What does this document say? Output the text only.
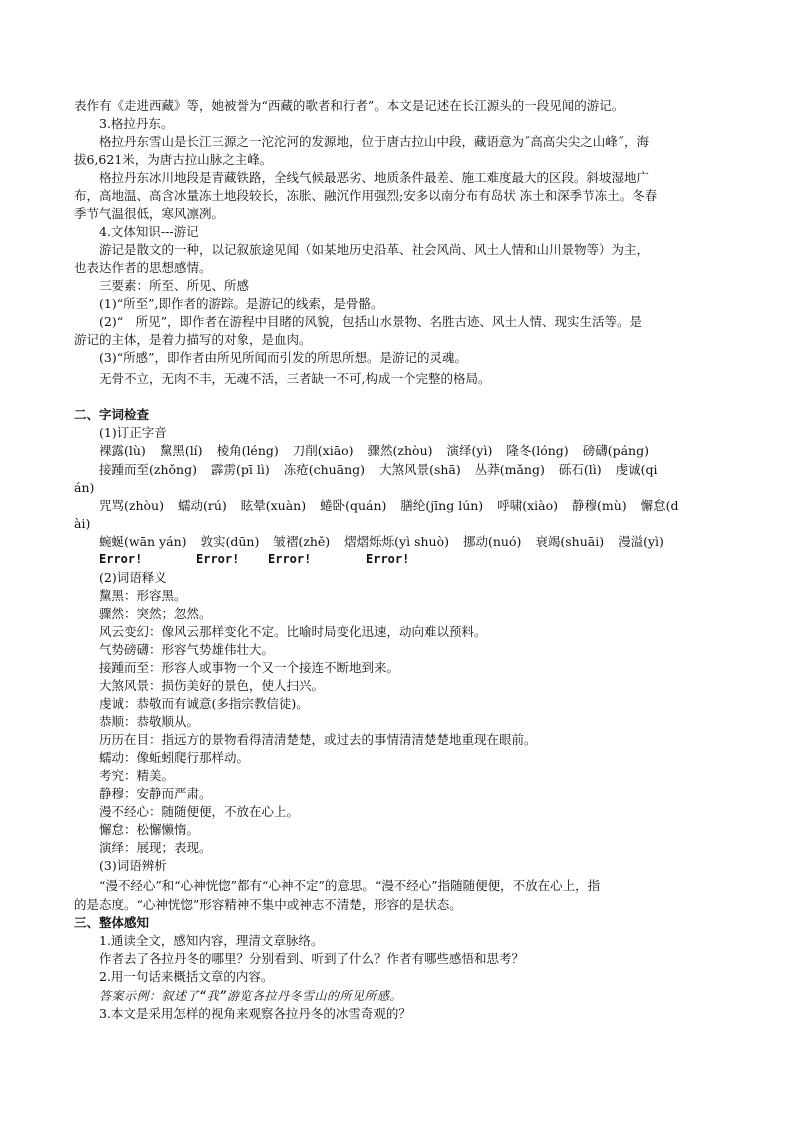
表作有《走进西藏》等，她被誉为“西藏的歌者和行者”。本文是记述在长江源头的一段见闻的游记。
3.格拉丹东。
格拉丹东雪山是长江三源之一沱沱河的发源地，位于唐古拉山中段，藏语意为˝高高尖尖之山峰˝，海
拔6,621米，为唐古拉山脉之主峰。
格拉丹东冰川地段是青藏铁路，全线气候最恶劣、地质条件最差、施工难度最大的区段。斜坡湿地广
布，高地温、高含冰量冻土地段较长，冻胀、融沉作用强烈;安多以南分布有岛状 冻土和深季节冻土。冬春
季节气温很低，寒风凛冽。
4.文体知识---游记
游记是散文的一种，以记叙旅途见闻（如某地历史沿革、社会风尚、风土人情和山川景物等）为主，
也表达作者的思想感情。
三要素：所至、所见、所感
(1)“所至”,即作者的游踪。是游记的线索，是骨骼。
(2)“　所见”，即作者在游程中目睹的风貌，包括山水景物、名胜古迹、风土人情、现实生活等。是
游记的主体，是着力描写的对象，是血肉。
(3)“所感”，即作者由所见所闻而引发的所思所想。是游记的灵魂。
无骨不立，无肉不丰，无魂不活，三者缺一不可,构成一个完整的格局。
二、字词检查
(1)订正字音
裸露(lù) 黧黑(lí) 棱角(léng) 刀削(xiāo) 骤然(zhòu) 演绎(yì) 隆冬(lóng) 磅礴(páng)
接踵而至(zhǒng) 霹雳(pī lì) 冻疮(chuāng) 大煞风景(shā) 丛莽(mǎng) 砾石(lì) 虔诚(qi
án)
咒骂(zhòu) 蠕动(rú) 眩晕(xuàn) 蜷卧(quán) 膳纶(jīng lún) 呼啸(xiào) 静穆(mù) 懈怠(d
ài)
蜿蜒(wān yán) 敦实(dūn) 皱褶(zhě) 熠熠烁烁(yì shuò) 挪动(nuó) 衰竭(shuāi) 漫溢(yì)
Error!	Error! Error!	Error!
(2)词语释义
黧黑：形容黑。
骤然：突然；忽然。
风云变幻：像风云那样变化不定。比喻时局变化迅速，动向难以预料。
气势磅礴：形容气势雄伟壮大。
接踵而至：形容人或事物一个又一个接连不断地到来。
大煞风景：损伤美好的景色，使人扫兴。
虔诚：恭敬而有诚意(多指宗教信徒)。
恭顺：恭敬顺从。
历历在目：指远方的景物看得清清楚楚，或过去的事情清清楚楚地重现在眼前。
蠕动：像蚯蚓爬行那样动。
考究：精美。
静穆：安静而严肃。
漫不经心：随随便便，不放在心上。
懈怠：松懈懒惰。
演绎：展现；表现。
(3)词语辨析
“漫不经心”和“心神恍惚”都有“心神不定”的意思。“漫不经心”指随随便便，不放在心上，指
的是态度。“心神恍惚”形容精神不集中或神志不清楚，形容的是状态。
三、整体感知
1.通读全文，感知内容，理清文章脉络。
作者去了各拉丹冬的哪里？分别看到、听到了什么？作者有哪些感悟和思考？
2.用一句话来概括文章的内容。
答案示例：叙述了“我”游览各拉丹冬雪山的所见所感。
3.本文是采用怎样的视角来观察各拉丹冬的冰雪奇观的？
